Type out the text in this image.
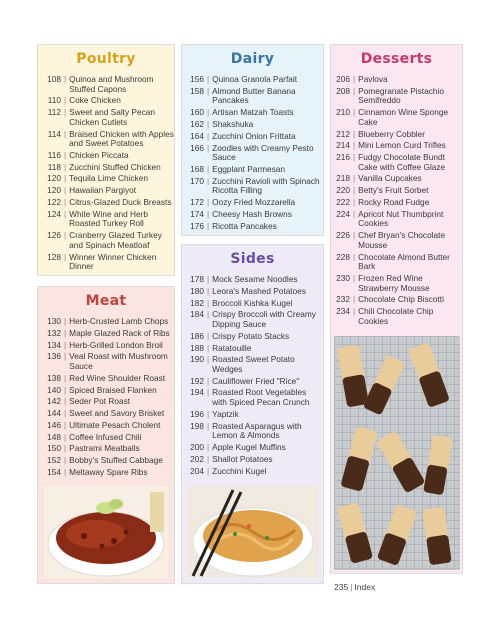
Poultry
108 | Quinoa and Mushroom Stuffed Capons
110 | Coke Chicken
112 | Sweet and Salty Pecan Chicken Cutlets
114 | Braised Chicken with Apples and Sweet Potatoes
116 | Chicken Piccata
118 | Zucchini Stuffed Chicken
120 | Tequila Lime Chicken
120 | Hawaiian Pargiyot
122 | Citrus-Glazed Duck Breasts
124 | White Wine and Herb Roasted Turkey Roll
126 | Cranberry Glazed Turkey and Spinach Meatloaf
128 | Winner Winner Chicken Dinner
Meat
130 | Herb-Crusted Lamb Chops
132 | Maple Glazed Rack of Ribs
134 | Herb-Grilled London Broil
136 | Veal Roast with Mushroom Sauce
138 | Red Wine Shoulder Roast
140 | Spiced Braised Flanken
142 | Seder Pot Roast
144 | Sweet and Savory Brisket
146 | Ultimate Pesach Cholent
148 | Coffee Infused Chili
150 | Pastrami Meatballs
152 | Bobby's Stuffed Cabbage
154 | Meltaway Spare Ribs
Dairy
156 | Quinoa Granola Parfait
158 | Almond Butter Banana Pancakes
160 | Artisan Matzah Toasts
162 | Shakshuka
164 | Zucchini Onion Frittata
166 | Zoodles with Creamy Pesto Sauce
168 | Eggplant Parmesan
170 | Zucchini Ravioli with Spinach Ricotta Filling
172 | Oozy Fried Mozzarella
174 | Cheesy Hash Browns
176 | Ricotta Pancakes
Sides
178 | Mock Sesame Noodles
180 | Leora's Mashed Potatoes
182 | Broccoli Kishka Kugel
184 | Crispy Broccoli with Creamy Dipping Sauce
186 | Crispy Potato Stacks
188 | Ratatouille
190 | Roasted Sweet Potato Wedges
192 | Cauliflower Fried "Rice"
194 | Roasted Root Vegetables with Spiced Pecan Crunch
196 | Yaptzik
198 | Roasted Asparagus with Lemon & Almonds
200 | Apple Kugel Muffins
202 | Shallot Potatoes
204 | Zucchini Kugel
Desserts
206 | Pavlova
208 | Pomegranate Pistachio Semifreddo
210 | Cinnamon Wine Sponge Cake
212 | Blueberry Cobbler
214 | Mini Lemon Curd Trifles
216 | Fudgy Chocolate Bundt Cake with Coffee Glaze
218 | Vanilla Cupcakes
220 | Betty's Fruit Sorbet
222 | Rocky Road Fudge
224 | Apricot Nut Thumbprint Cookies
226 | Chef Bryan's Chocolate Mousse
228 | Chocolate Almond Butter Bark
230 | Frozen Red Wine Strawberry Mousse
232 | Chocolate Chip Biscotti
234 | Chili Chocolate Chip Cookies
235 | Index
